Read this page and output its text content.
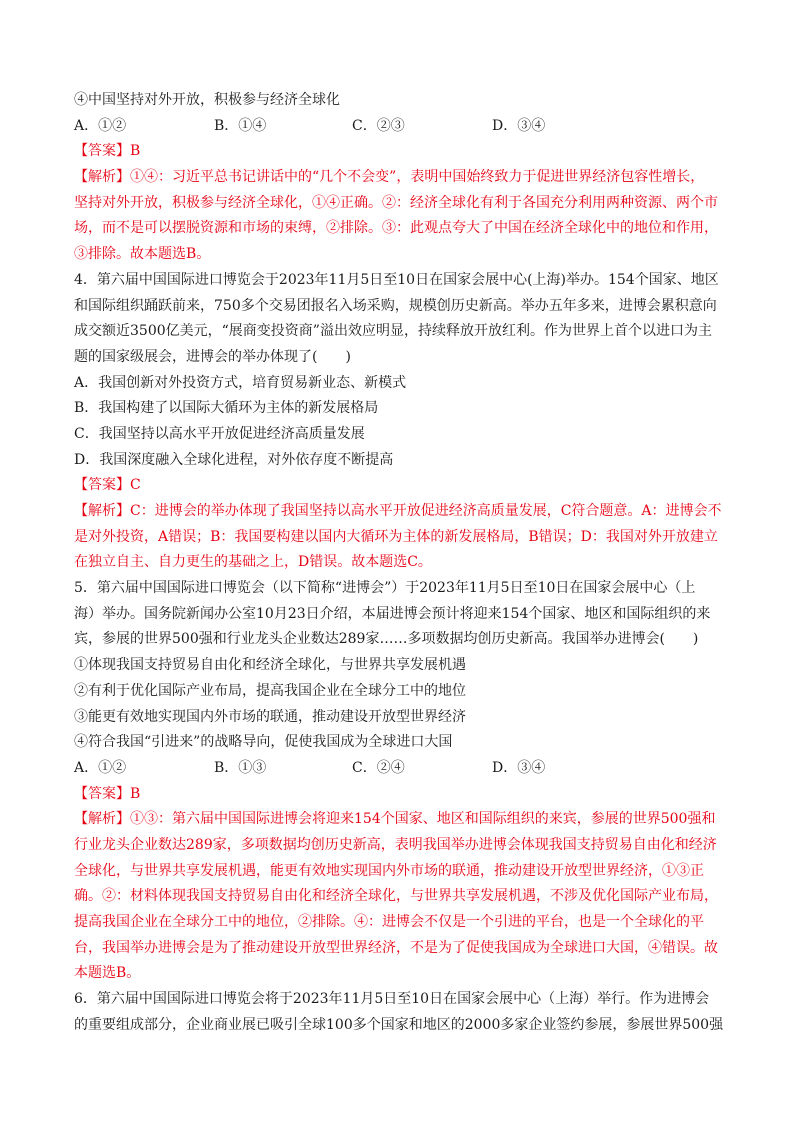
④中国坚持对外开放，积极参与经济全球化
A．①②	B．①④	C．②③	D．③④
【答案】B
【解析】①④：习近平总书记讲话中的“几个不会变”，表明中国始终致力于促进世界经济包容性增长，
坚持对外开放，积极参与经济全球化，①④正确。②：经济全球化有利于各国充分利用两种资源、两个市
场，而不是可以摆脱资源和市场的束缚，②排除。③：此观点夸大了中国在经济全球化中的地位和作用，
③排除。故本题选B。
4．第六届中国国际进口博览会于2023年11月5日至10日在国家会展中心(上海)举办。154个国家、地区
和国际组织踊跃前来，750多个交易团报名入场采购，规模创历史新高。举办五年多来，进博会累积意向
成交额近3500亿美元，“展商变投资商”溢出效应明显，持续释放开放红利。作为世界上首个以进口为主
题的国家级展会，进博会的举办体现了(　　)
A．我国创新对外投资方式，培育贸易新业态、新模式
B．我国构建了以国际大循环为主体的新发展格局
C．我国坚持以高水平开放促进经济高质量发展
D．我国深度融入全球化进程，对外依存度不断提高
【答案】C
【解析】C：进博会的举办体现了我国坚持以高水平开放促进经济高质量发展，C符合题意。A：进博会不
是对外投资，A错误；B：我国要构建以国内大循环为主体的新发展格局，B错误；D：我国对外开放建立
在独立自主、自力更生的基础之上，D错误。故本题选C。
5．第六届中国国际进口博览会（以下简称“进博会”）于2023年11月5日至10日在国家会展中心（上
海）举办。国务院新闻办公室10月23日介绍，本届进博会预计将迎来154个国家、地区和国际组织的来
宾，参展的世界500强和行业龙头企业数达289家……多项数据均创历史新高。我国举办进博会(　　)
①体现我国支持贸易自由化和经济全球化，与世界共享发展机遇
②有利于优化国际产业布局，提高我国企业在全球分工中的地位
③能更有效地实现国内外市场的联通，推动建设开放型世界经济
④符合我国“引进来”的战略导向，促使我国成为全球进口大国
A．①②	B．①③	C．②④	D．③④
【答案】B
【解析】①③：第六届中国国际进博会将迎来154个国家、地区和国际组织的来宾，参展的世界500强和
行业龙头企业数达289家，多项数据均创历史新高，表明我国举办进博会体现我国支持贸易自由化和经济
全球化，与世界共享发展机遇，能更有效地实现国内外市场的联通，推动建设开放型世界经济，①③正
确。②：材料体现我国支持贸易自由化和经济全球化，与世界共享发展机遇，不涉及优化国际产业布局，
提高我国企业在全球分工中的地位，②排除。④：进博会不仅是一个引进的平台，也是一个全球化的平
台，我国举办进博会是为了推动建设开放型世界经济，不是为了促使我国成为全球进口大国，④错误。故
本题选B。
6．第六届中国国际进口博览会将于2023年11月5日至10日在国家会展中心（上海）举行。作为进博会
的重要组成部分，企业商业展已吸引全球100多个国家和地区的2000多家企业签约参展，参展世界500强
